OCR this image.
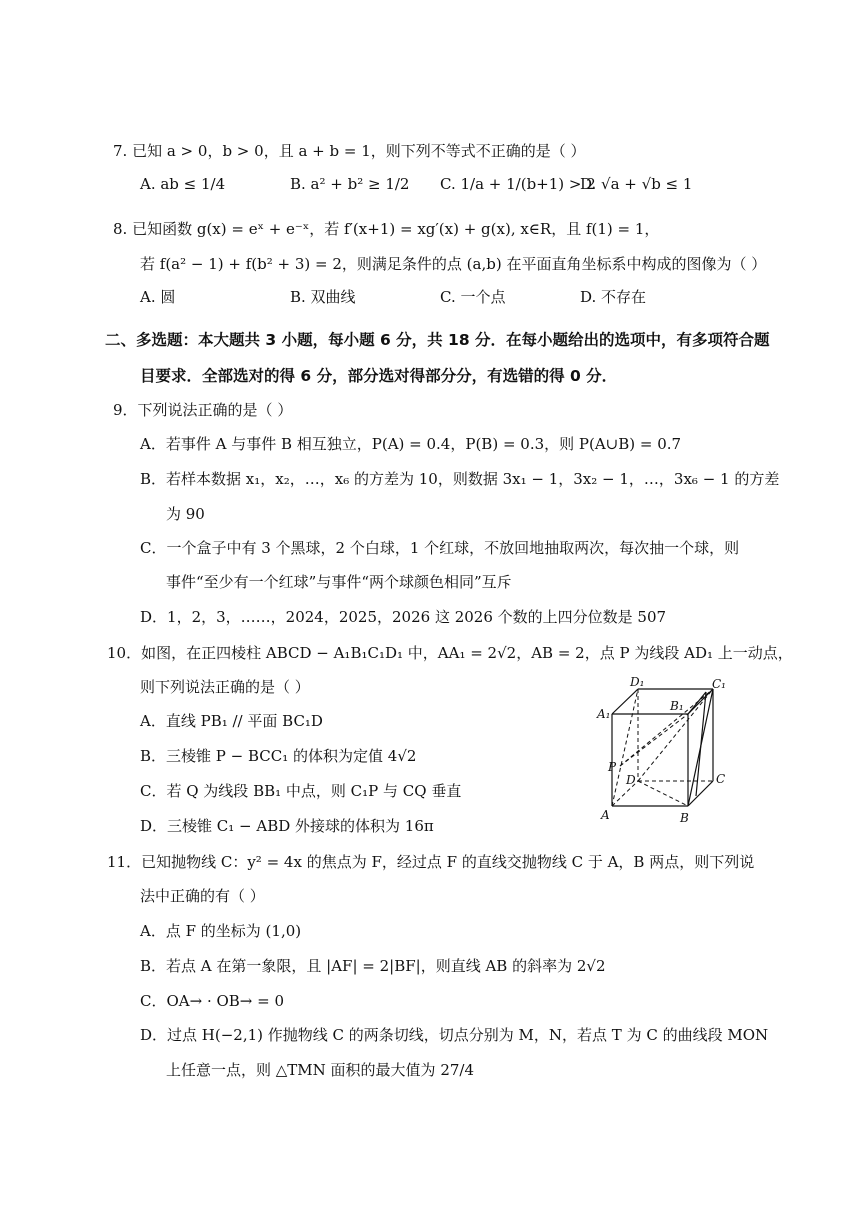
7. 已知 a > 0，b > 0，且 a + b = 1，则下列不等式不正确的是（ ）
A. ab ≤ 1/4	B. a² + b² ≥ 1/2 C. 1/a + 1/(b+1) > 2
D. √a + √b ≤ 1
8. 已知函数 g(x) = eˣ + e⁻ˣ，若 f′(x+1) = xg′(x) + g(x), x∈R，且 f(1) = 1，
若 f(a² − 1) + f(b² + 3) = 2，则满足条件的点 (a,b) 在平面直角坐标系中构成的图像为（ ）
A. 圆	B. 双曲线	C. 一个点	D. 不存在
二、多选题：本大题共 3 小题，每小题 6 分，共 18 分．在每小题给出的选项中，有多项符合题
目要求．全部选对的得 6 分，部分选对得部分分，有选错的得 0 分．
9．下列说法正确的是（ ）
A．若事件 A 与事件 B 相互独立，P(A) = 0.4，P(B) = 0.3，则 P(A∪B) = 0.7
B．若样本数据 x₁，x₂，…，x₆ 的方差为 10，则数据 3x₁ − 1，3x₂ − 1，…，3x₆ − 1 的方差
为 90
C．一个盒子中有 3 个黑球，2 个白球，1 个红球，不放回地抽取两次，每次抽一个球，则
事件“至少有一个红球”与事件“两个球颜色相同”互斥
D．1，2，3，……，2024，2025，2026 这 2026 个数的上四分位数是 507
10．如图，在正四棱柱 ABCD − A₁B₁C₁D₁ 中，AA₁ = 2√2，AB = 2，点 P 为线段 AD₁ 上一动点，
则下列说法正确的是（ ）
A．直线 PB₁ // 平面 BC₁D
B．三棱锥 P − BCC₁ 的体积为定值 4√2
C．若 Q 为线段 BB₁ 中点，则 C₁P 与 CQ 垂直
D．三棱锥 C₁ − ABD 外接球的体积为 16π
D₁	C₁
A₁
B₁
P
D	C
A	B
11．已知抛物线 C：y² = 4x 的焦点为 F，经过点 F 的直线交抛物线 C 于 A，B 两点，则下列说
法中正确的有（ ）
A．点 F 的坐标为 (1,0)
B．若点 A 在第一象限，且 |AF| = 2|BF|，则直线 AB 的斜率为 2√2
C．OA→ · OB→ = 0
D．过点 H(−2,1) 作抛物线 C 的两条切线，切点分别为 M，N，若点 T 为 C 的曲线段 MON
上任意一点，则 △TMN 面积的最大值为 27/4
